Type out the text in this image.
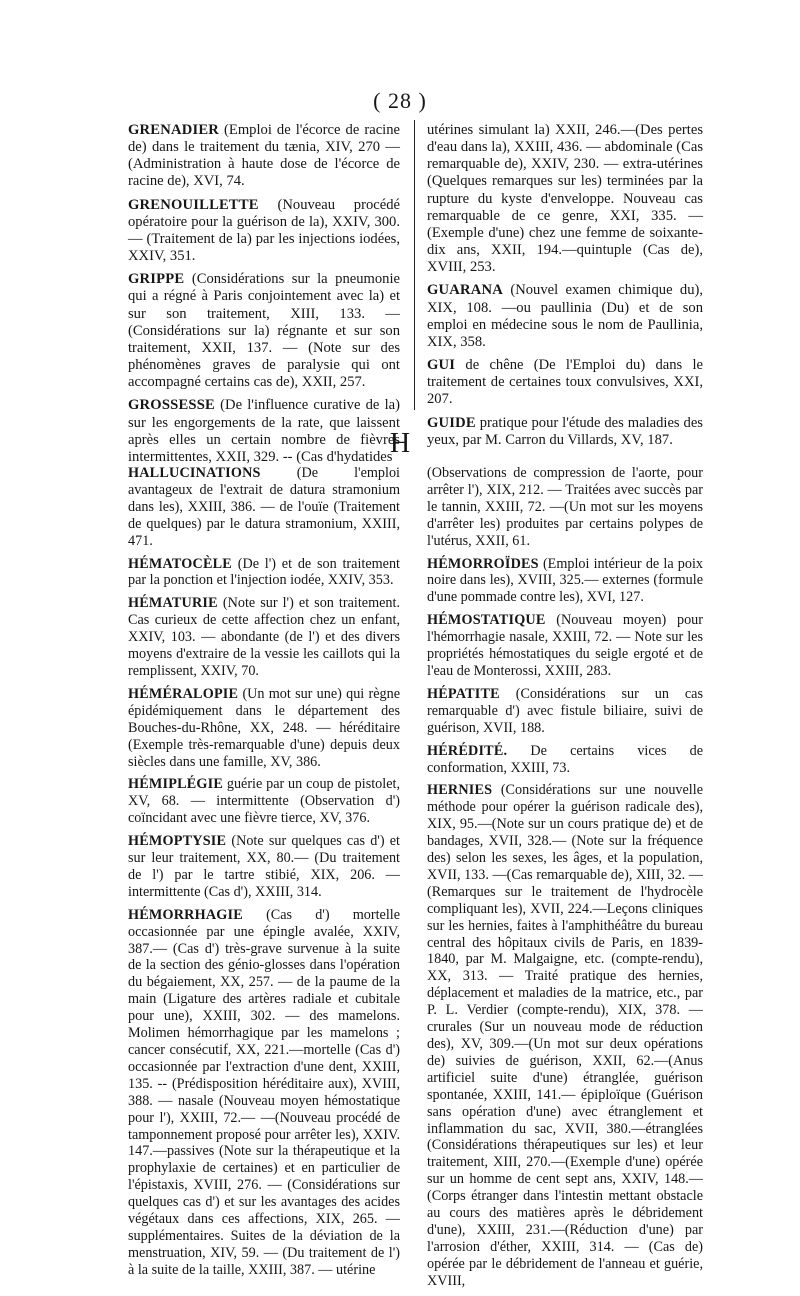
( 28 )

GRENADIER (Emploi de l'écorce de racine de) dans le traitement du tænia, XIV, 270 —(Administration à haute dose de l'écorce de racine de), XVI, 74.

GRENOUILLETTE (Nouveau procédé opératoire pour la guérison de la), XXIV, 300. — (Traitement de la) par les injections iodées, XXIV, 351.

GRIPPE (Considérations sur la pneumonie qui a régné à Paris conjointement avec la) et sur son traitement, XIII, 133. — (Considérations sur la) régnante et sur son traitement, XXII, 137. — (Note sur des phénomènes graves de paralysie qui ont accompagné certains cas de), XXII, 257.

GROSSESSE (De l'influence curative de la) sur les engorgements de la rate, que laissent après elles un certain nombre de fièvres intermittentes, XXII, 329. -- (Cas d'hydatides

utérines simulant la) XXII, 246.—(Des pertes d'eau dans la), XXIII, 436. — abdominale (Cas remarquable de), XXIV, 230. — extra-utérines (Quelques remarques sur les) terminées par la rupture du kyste d'enveloppe. Nouveau cas remarquable de ce genre, XXI, 335. — (Exemple d'une) chez une femme de soixante-dix ans, XXII, 194.—quintuple (Cas de), XVIII, 253.

GUARANA (Nouvel examen chimique du), XIX, 108. —ou paullinia (Du) et de son emploi en médecine sous le nom de Paullinia, XIX, 358.

GUI de chêne (De l'Emploi du) dans le traitement de certaines toux convulsives, XXI, 207.

GUIDE pratique pour l'étude des maladies des yeux, par M. Carron du Villards, XV, 187.

H

HALLUCINATIONS (De l'emploi avantageux de l'extrait de datura stramonium dans les), XXIII, 386. — de l'ouïe (Traitement de quelques) par le datura stramonium, XXIII, 471.

HÉMATOCÈLE (De l') et de son traitement par la ponction et l'injection iodée, XXIV, 353.

HÉMATURIE (Note sur l') et son traitement. Cas curieux de cette affection chez un enfant, XXIV, 103. — abondante (de l') et des divers moyens d'extraire de la vessie les caillots qui la remplissent, XXIV, 70.

HÉMÉRALOPIE (Un mot sur une) qui règne épidémiquement dans le département des Bouches-du-Rhône, XX, 248. — héréditaire (Exemple très-remarquable d'une) depuis deux siècles dans une famille, XV, 386.

HÉMIPLÉGIE guérie par un coup de pistolet, XV, 68. — intermittente (Observation d') coïncidant avec une fièvre tierce, XV, 376.

HÉMOPTYSIE (Note sur quelques cas d') et sur leur traitement, XX, 80.— (Du traitement de l') par le tartre stibié, XIX, 206. — intermittente (Cas d'), XXIII, 314.

HÉMORRHAGIE (Cas d') mortelle occasionnée par une épingle avalée, XXIV, 387.— (Cas d') très-grave survenue à la suite de la section des génio-glosses dans l'opération du bégaiement, XX, 257. — de la paume de la main (Ligature des artères radiale et cubitale pour une), XXIII, 302. — des mamelons. Molimen hémorrhagique par les mamelons ; cancer consécutif, XX, 221.—mortelle (Cas d') occasionnée par l'extraction d'une dent, XXIII, 135. -- (Prédisposition héréditaire aux), XVIII, 388. — nasale (Nouveau moyen hémostatique pour l'), XXIII, 72.— —(Nouveau procédé de tamponnement proposé pour arrêter les), XXIV. 147.—passives (Note sur la thérapeutique et la prophylaxie de certaines) et en particulier de l'épistaxis, XVIII, 276. — (Considérations sur quelques cas d') et sur les avantages des acides végétaux dans ces affections, XIX, 265. —supplémentaires. Suites de la déviation de la menstruation, XIV, 59. — (Du traitement de l') à la suite de la taille, XXIII, 387. — utérine

(Observations de compression de l'aorte, pour arrêter l'), XIX, 212. — Traitées avec succès par le tannin, XXIII, 72. —(Un mot sur les moyens d'arrêter les) produites par certains polypes de l'utérus, XXII, 61.

HÉMORROÏDES (Emploi intérieur de la poix noire dans les), XVIII, 325.— externes (formule d'une pommade contre les), XVI, 127.

HÉMOSTATIQUE (Nouveau moyen) pour l'hémorrhagie nasale, XXIII, 72. — Note sur les propriétés hémostatiques du seigle ergoté et de l'eau de Monterossi, XXIII, 283.

HÉPATITE (Considérations sur un cas remarquable d') avec fistule biliaire, suivi de guérison, XVII, 188.

HÉRÉDITÉ. De certains vices de conformation, XXIII, 73.

HERNIES (Considérations sur une nouvelle méthode pour opérer la guérison radicale des), XIX, 95.—(Note sur un cours pratique de) et de bandages, XVII, 328.— (Note sur la fréquence des) selon les sexes, les âges, et la population, XVII, 133. —(Cas remarquable de), XIII, 32. — (Remarques sur le traitement de l'hydrocèle compliquant les), XVII, 224.—Leçons cliniques sur les hernies, faites à l'amphithéâtre du bureau central des hôpitaux civils de Paris, en 1839-1840, par M. Malgaigne, etc. (compte-rendu), XX, 313. — Traité pratique des hernies, déplacement et maladies de la matrice, etc., par P. L. Verdier (compte-rendu), XIX, 378. — crurales (Sur un nouveau mode de réduction des), XV, 309.—(Un mot sur deux opérations de) suivies de guérison, XXII, 62.—(Anus artificiel suite d'une) étranglée, guérison spontanée, XXIII, 141.— épiploïque (Guérison sans opération d'une) avec étranglement et inflammation du sac, XVII, 380.—étranglées (Considérations thérapeutiques sur les) et leur traitement, XIII, 270.—(Exemple d'une) opérée sur un homme de cent sept ans, XXIV, 148.— (Corps étranger dans l'intestin mettant obstacle au cours des matières après le débridement d'une), XXIII, 231.—(Réduction d'une) par l'arrosion d'éther, XXIII, 314. — (Cas de) opérée par le débridement de l'anneau et guérie, XVIII,
